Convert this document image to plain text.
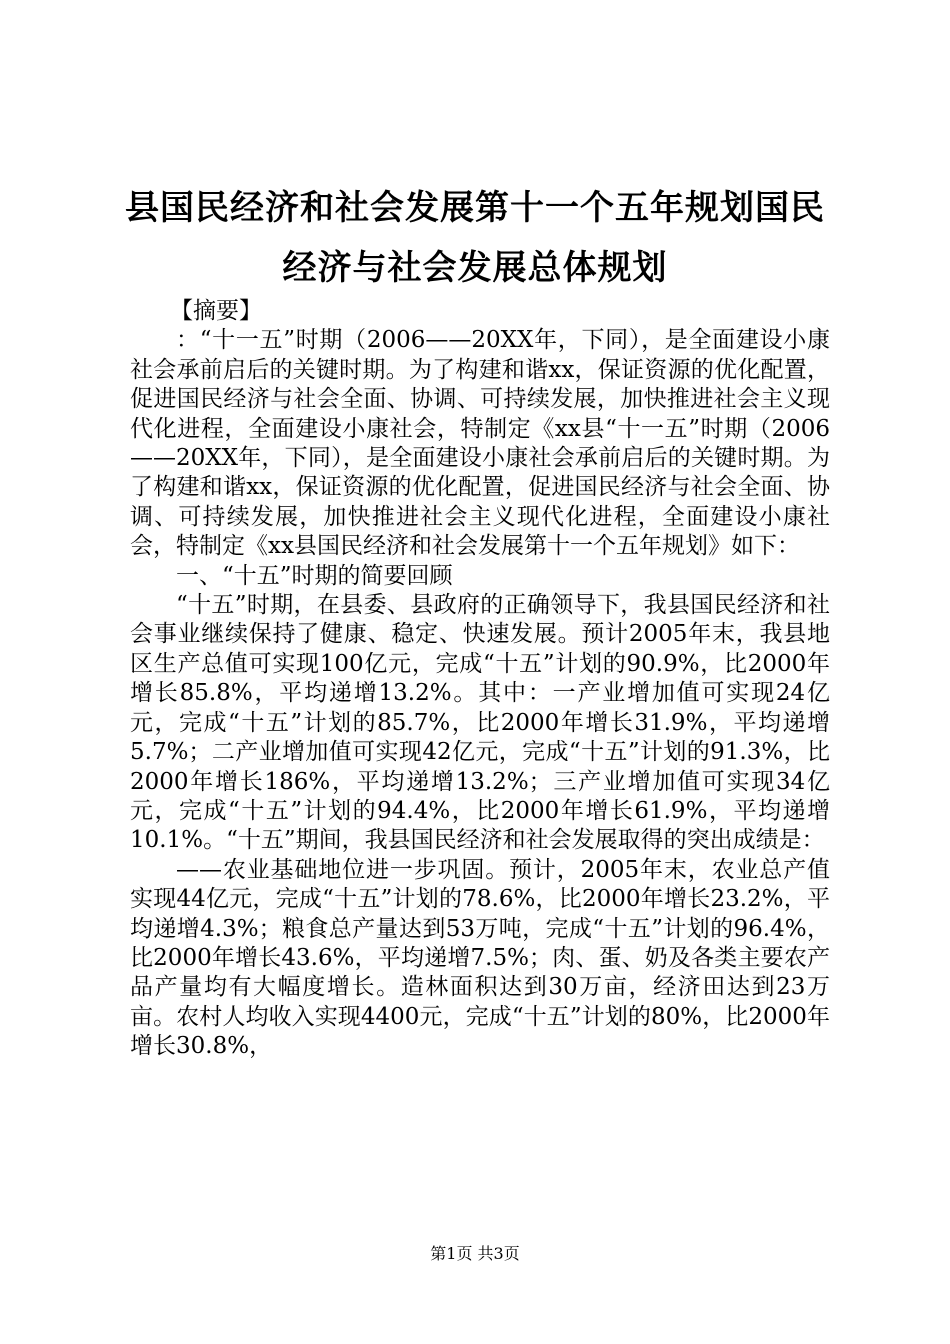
县国民经济和社会发展第十一个五年规划国民
经济与社会发展总体规划

【摘要】

：“十一五”时期（2006——20XX年，下同），是全面建设小康社会承前启后的关键时期。为了构建和谐xx，保证资源的优化配置，促进国民经济与社会全面、协调、可持续发展，加快推进社会主义现代化进程，全面建设小康社会，特制定《xx县“十一五”时期（2006——20XX年，下同），是全面建设小康社会承前启后的关键时期。为了构建和谐xx，保证资源的优化配置，促进国民经济与社会全面、协调、可持续发展，加快推进社会主义现代化进程，全面建设小康社会，特制定《xx县国民经济和社会发展第十一个五年规划》如下：

一、“十五”时期的简要回顾

“十五”时期，在县委、县政府的正确领导下，我县国民经济和社会事业继续保持了健康、稳定、快速发展。预计2005年末，我县地区生产总值可实现100亿元，完成“十五”计划的90.9%，比2000年增长85.8%，平均递增13.2%。其中：一产业增加值可实现24亿元，完成“十五”计划的85.7%，比2000年增长31.9%，平均递增5.7%；二产业增加值可实现42亿元，完成“十五”计划的91.3%，比2000年增长186%，平均递增13.2%；三产业增加值可实现34亿元，完成“十五”计划的94.4%，比2000年增长61.9%，平均递增10.1%。“十五”期间，我县国民经济和社会发展取得的突出成绩是：

——农业基础地位进一步巩固。预计，2005年末，农业总产值实现44亿元，完成“十五”计划的78.6%，比2000年增长23.2%，平均递增4.3%；粮食总产量达到53万吨，完成“十五”计划的96.4%，比2000年增长43.6%，平均递增7.5%；肉、蛋、奶及各类主要农产品产量均有大幅度增长。造林面积达到30万亩，经济田达到23万亩。农村人均收入实现4400元，完成“十五”计划的80%，比2000年增长30.8%，

第1页 共3页
